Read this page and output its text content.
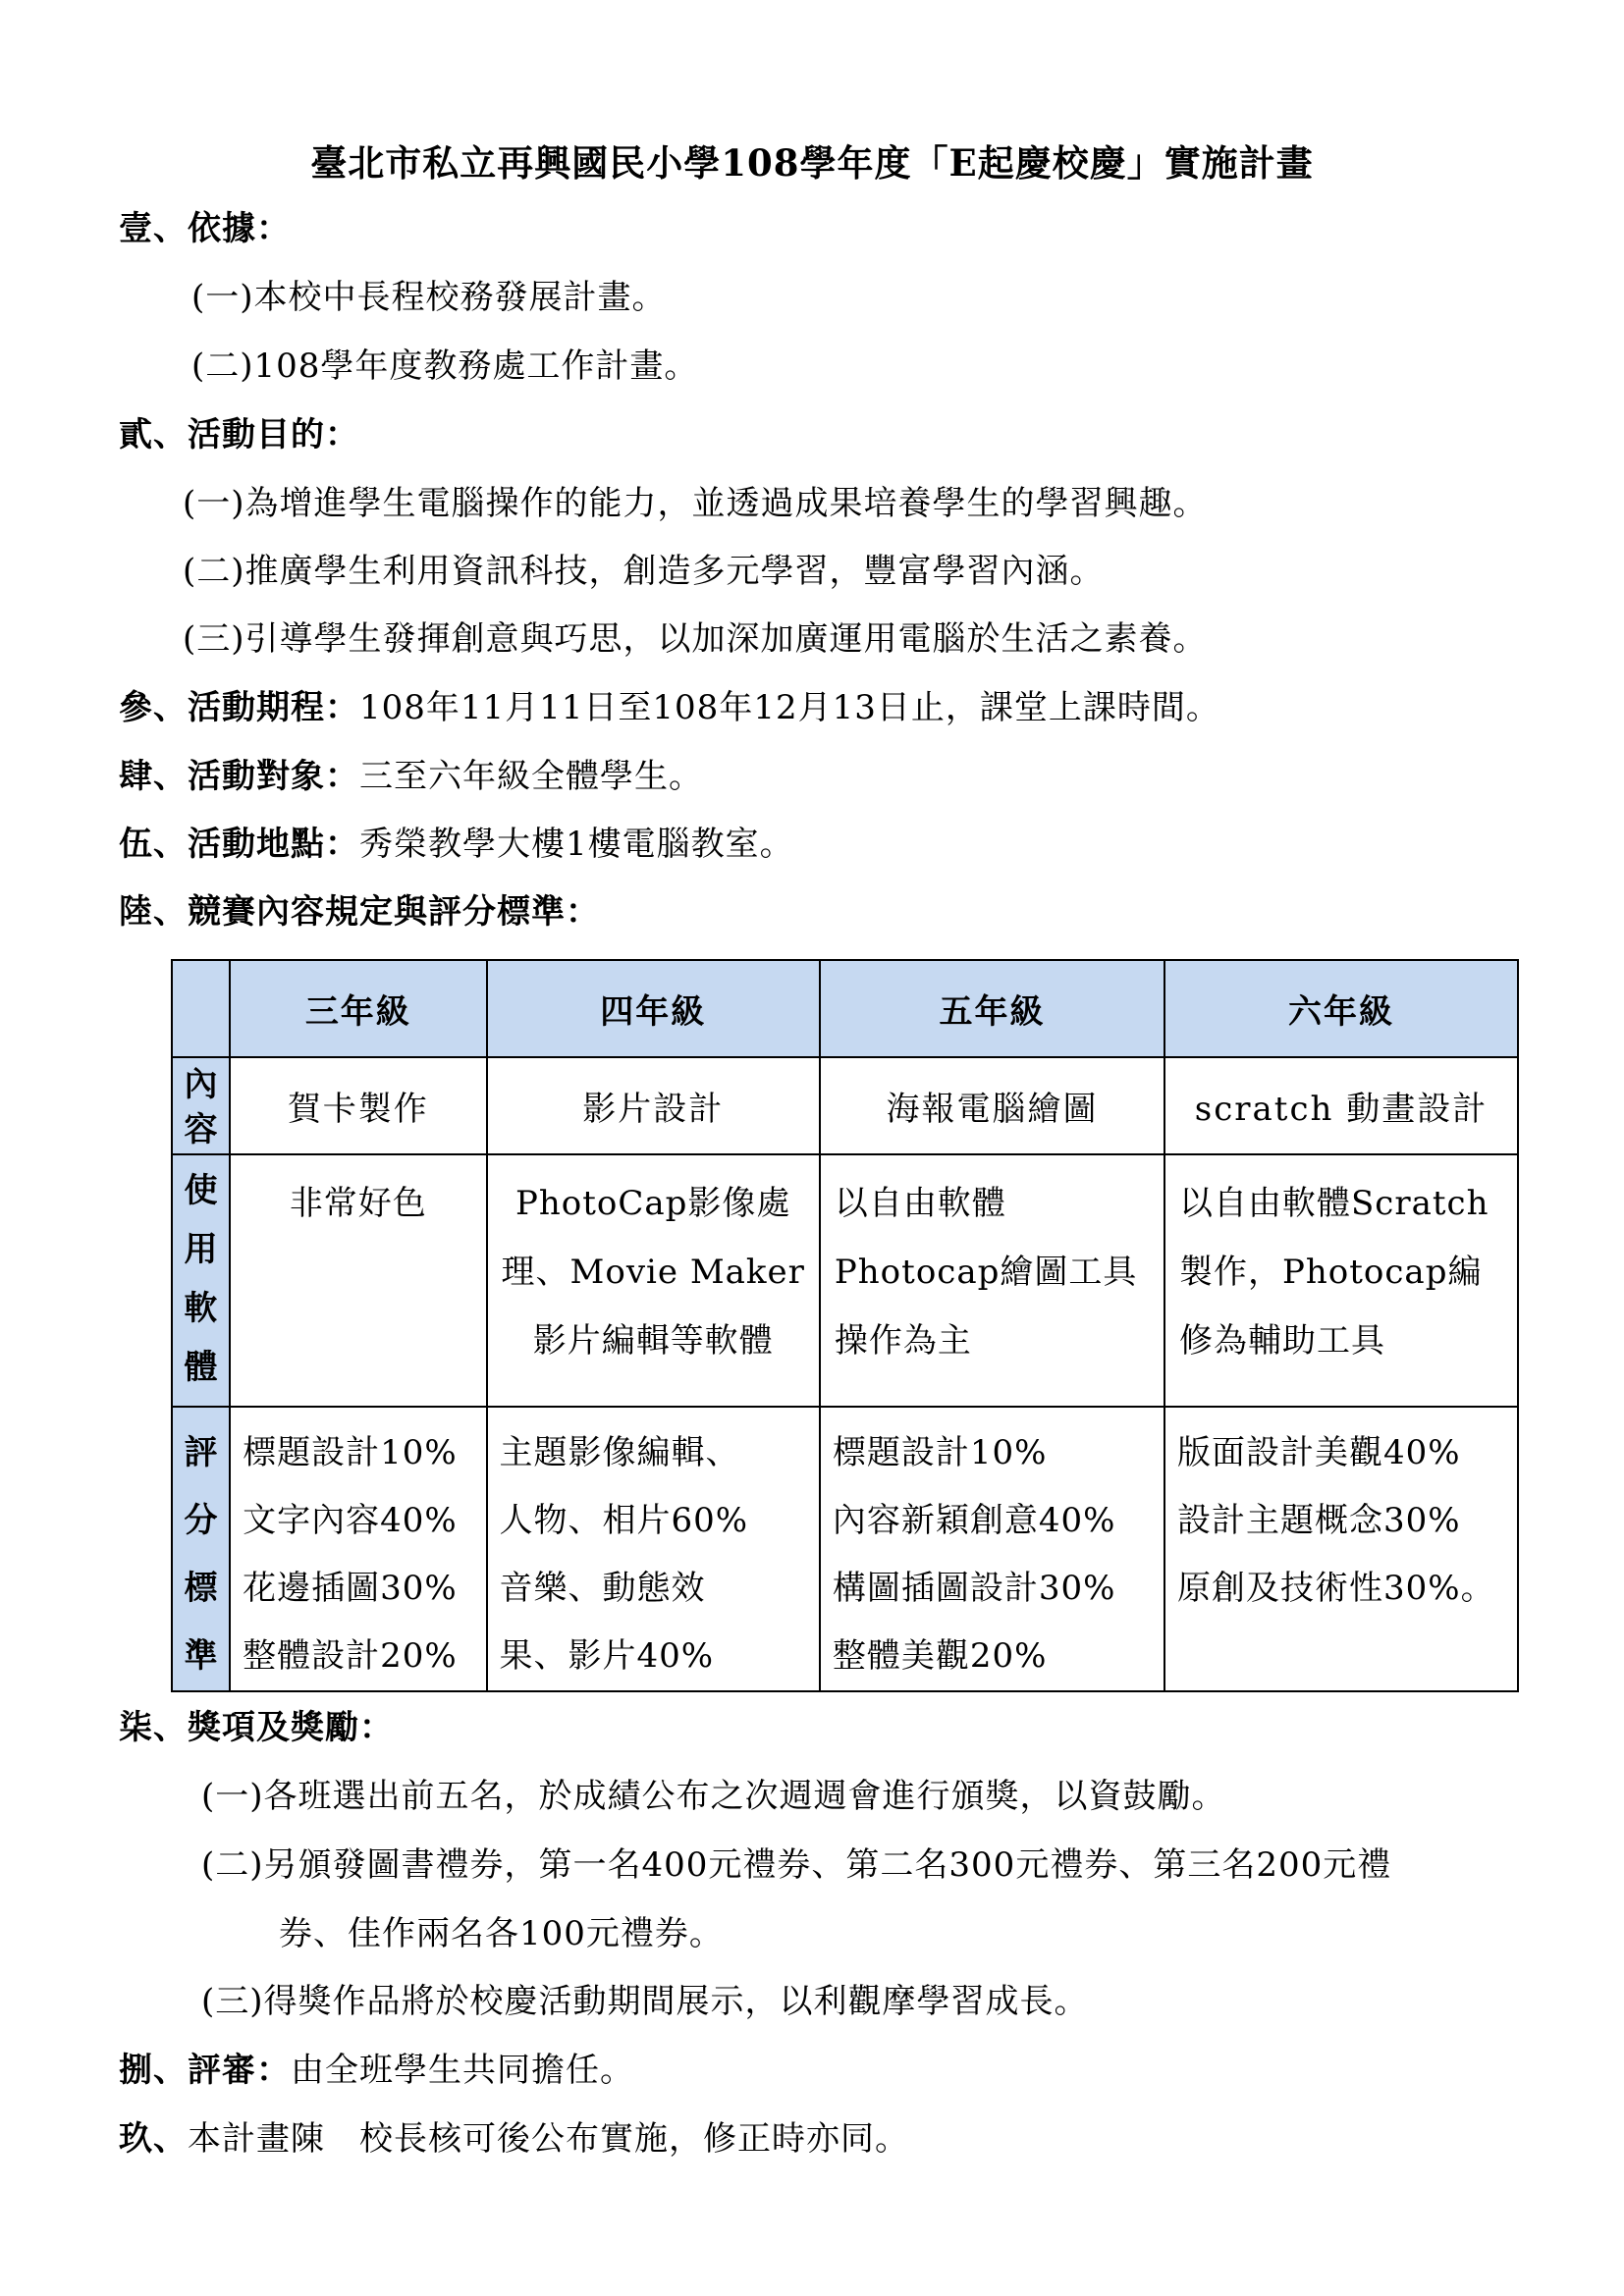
臺北市私立再興國民小學108學年度「E起慶校慶」實施計畫
壹、依據：
(一)本校中長程校務發展計畫。
(二)108學年度教務處工作計畫。
貳、活動目的：
(一)為增進學生電腦操作的能力，並透過成果培養學生的學習興趣。
(二)推廣學生利用資訊科技，創造多元學習，豐富學習內涵。
(三)引導學生發揮創意與巧思，以加深加廣運用電腦於生活之素養。
參、活動期程：108年11月11日至108年12月13日止，課堂上課時間。
肆、活動對象：三至六年級全體學生。
伍、活動地點：秀榮教學大樓1樓電腦教室。
陸、競賽內容規定與評分標準：
	三年級	四年級	五年級	六年級

內
容	賀卡製作	影片設計	海報電腦繪圖	scratch 動畫設計

使
用
軟
體	非常好色	PhotoCap影像處
理、Movie Maker
影片編輯等軟體	以自由軟體
Photocap繪圖工具
操作為主	以自由軟體Scratch
製作，Photocap編
修為輔助工具

評
分
標
準	標題設計10%
文字內容40%
花邊插圖30%
整體設計20%	主題影像編輯、
人物、相片60%
音樂、動態效
果、影片40%	標題設計10%
內容新穎創意40%
構圖插圖設計30%
整體美觀20%	版面設計美觀40%
設計主題概念30%
原創及技術性30%。
柒、獎項及獎勵：
(一)各班選出前五名，於成績公布之次週週會進行頒獎，以資鼓勵。
(二)另頒發圖書禮券，第一名400元禮券、第二名300元禮券、第三名200元禮
券、佳作兩名各100元禮券。
(三)得獎作品將於校慶活動期間展示，以利觀摩學習成長。
捌、評審：由全班學生共同擔任。
玖、本計畫陳　校長核可後公布實施，修正時亦同。
